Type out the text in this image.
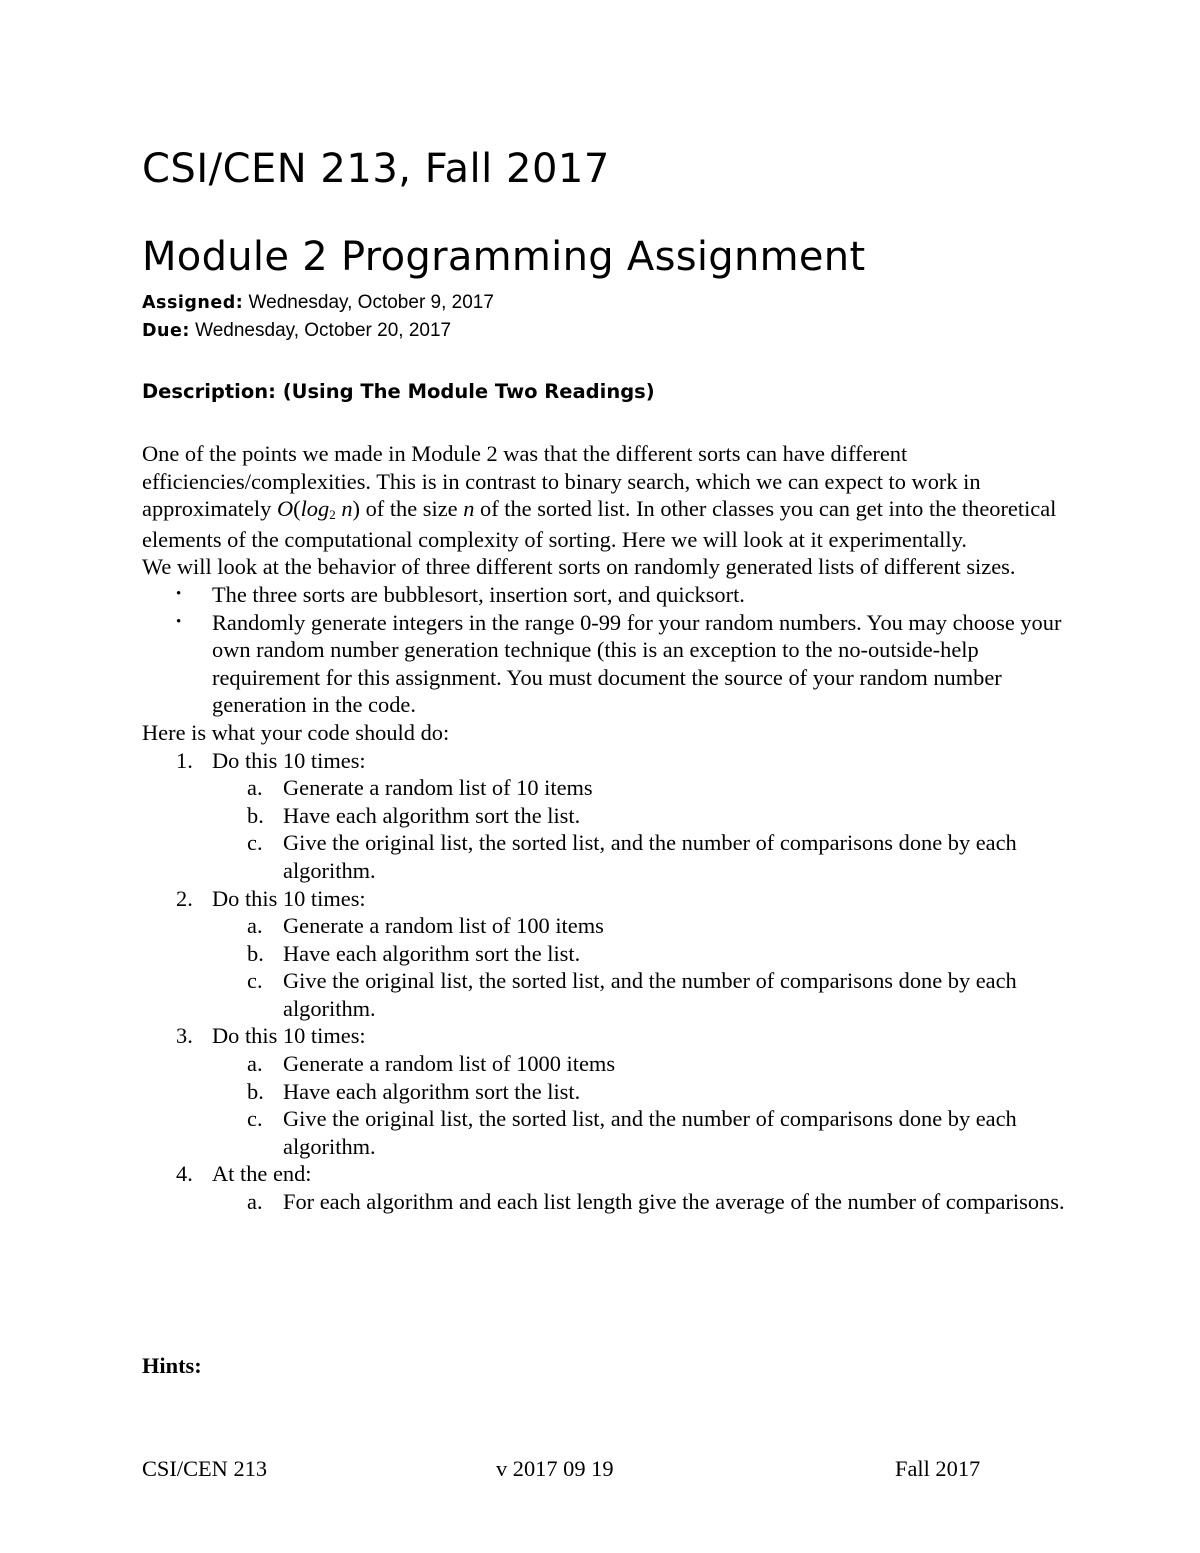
CSI/CEN 213, Fall 2017
Module 2 Programming Assignment
Assigned: Wednesday, October 9, 2017
Due: Wednesday, October 20, 2017
Description: (Using The Module Two Readings)

One of the points we made in Module 2 was that the different sorts can have different efficiencies/complexities. This is in contrast to binary search, which we can expect to work in approximately $O(\log_2$ n) of the size n of the sorted list. In other classes you can get into the theoretical elements of the computational complexity of sorting. Here we will look at it experimentally.

We will look at the behavior of three different sorts on randomly generated lists of different sizes.

• The three sorts are bubblesort, insertion sort, and quicksort.
• Randomly generate integers in the range 0-99 for your random numbers. You may choose your own random number generation technique (this is an exception to the no-outside-help requirement for this assignment. You must document the source of your random number generation in the code.

Here is what your code should do:

1. Do this 10 times:
a. Generate a random list of 10 items
b. Have each algorithm sort the list.
c. Give the original list, the sorted list, and the number of comparisons done by each algorithm.
2. Do this 10 times:
a. Generate a random list of 100 items
b. Have each algorithm sort the list.
c. Give the original list, the sorted list, and the number of comparisons done by each algorithm.
3. Do this 10 times:
a. Generate a random list of 1000 items
b. Have each algorithm sort the list.
c. Give the original list, the sorted list, and the number of comparisons done by each algorithm.
4. At the end:
a. For each algorithm and each list length give the average of the number of comparisons.
Hints:
CSI/CEN 213	v 2017 09 19	Fall 2017
